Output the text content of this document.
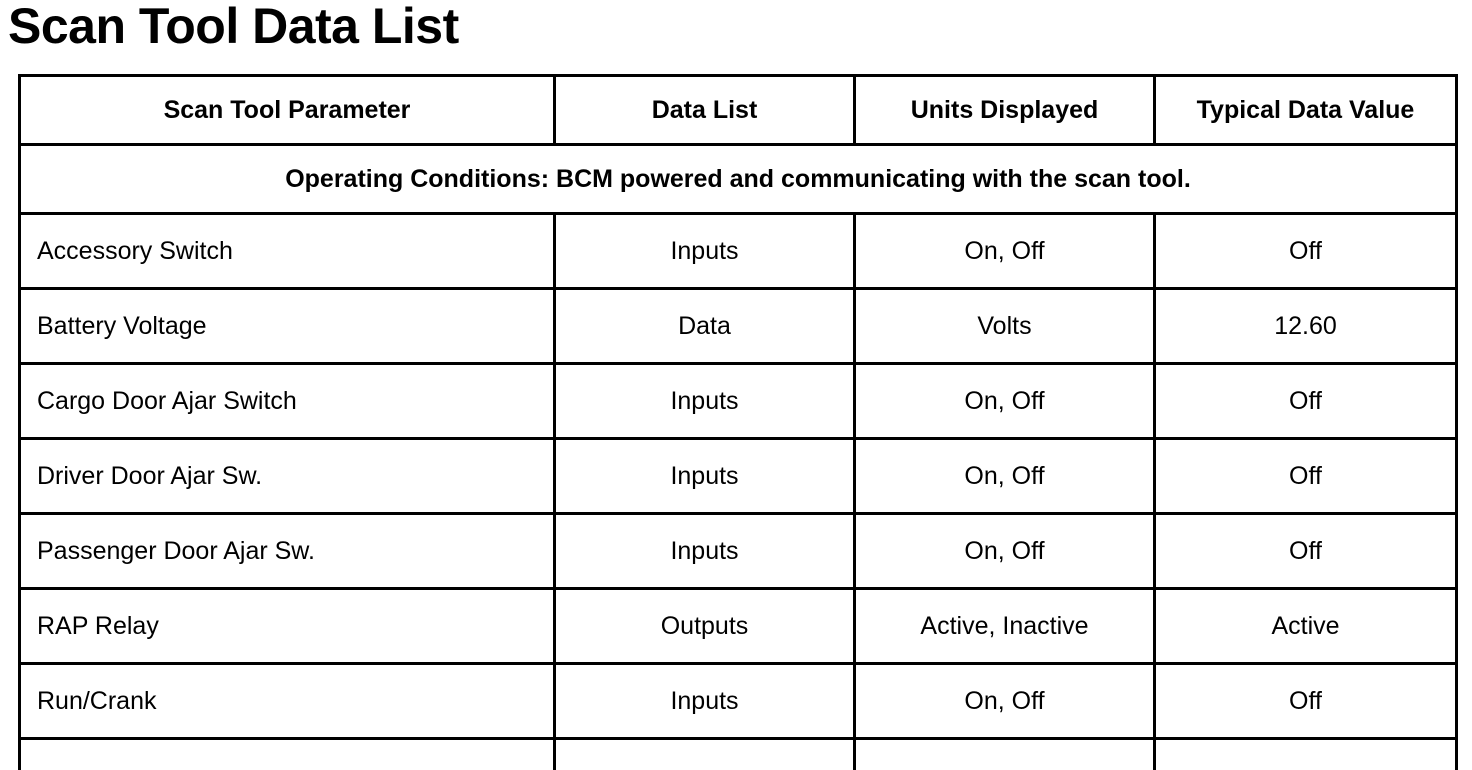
Scan Tool Data List
Scan Tool Parameter	Data List	Units Displayed	Typical Data Value
Operating Conditions: BCM powered and communicating with the scan tool.			
Accessory Switch	Inputs	On, Off	Off
Battery Voltage	Data	Volts	12.60
Cargo Door Ajar Switch	Inputs	On, Off	Off
Driver Door Ajar Sw.	Inputs	On, Off	Off
Passenger Door Ajar Sw.	Inputs	On, Off	Off
RAP Relay	Outputs	Active, Inactive	Active
Run/Crank	Inputs	On, Off	Off
